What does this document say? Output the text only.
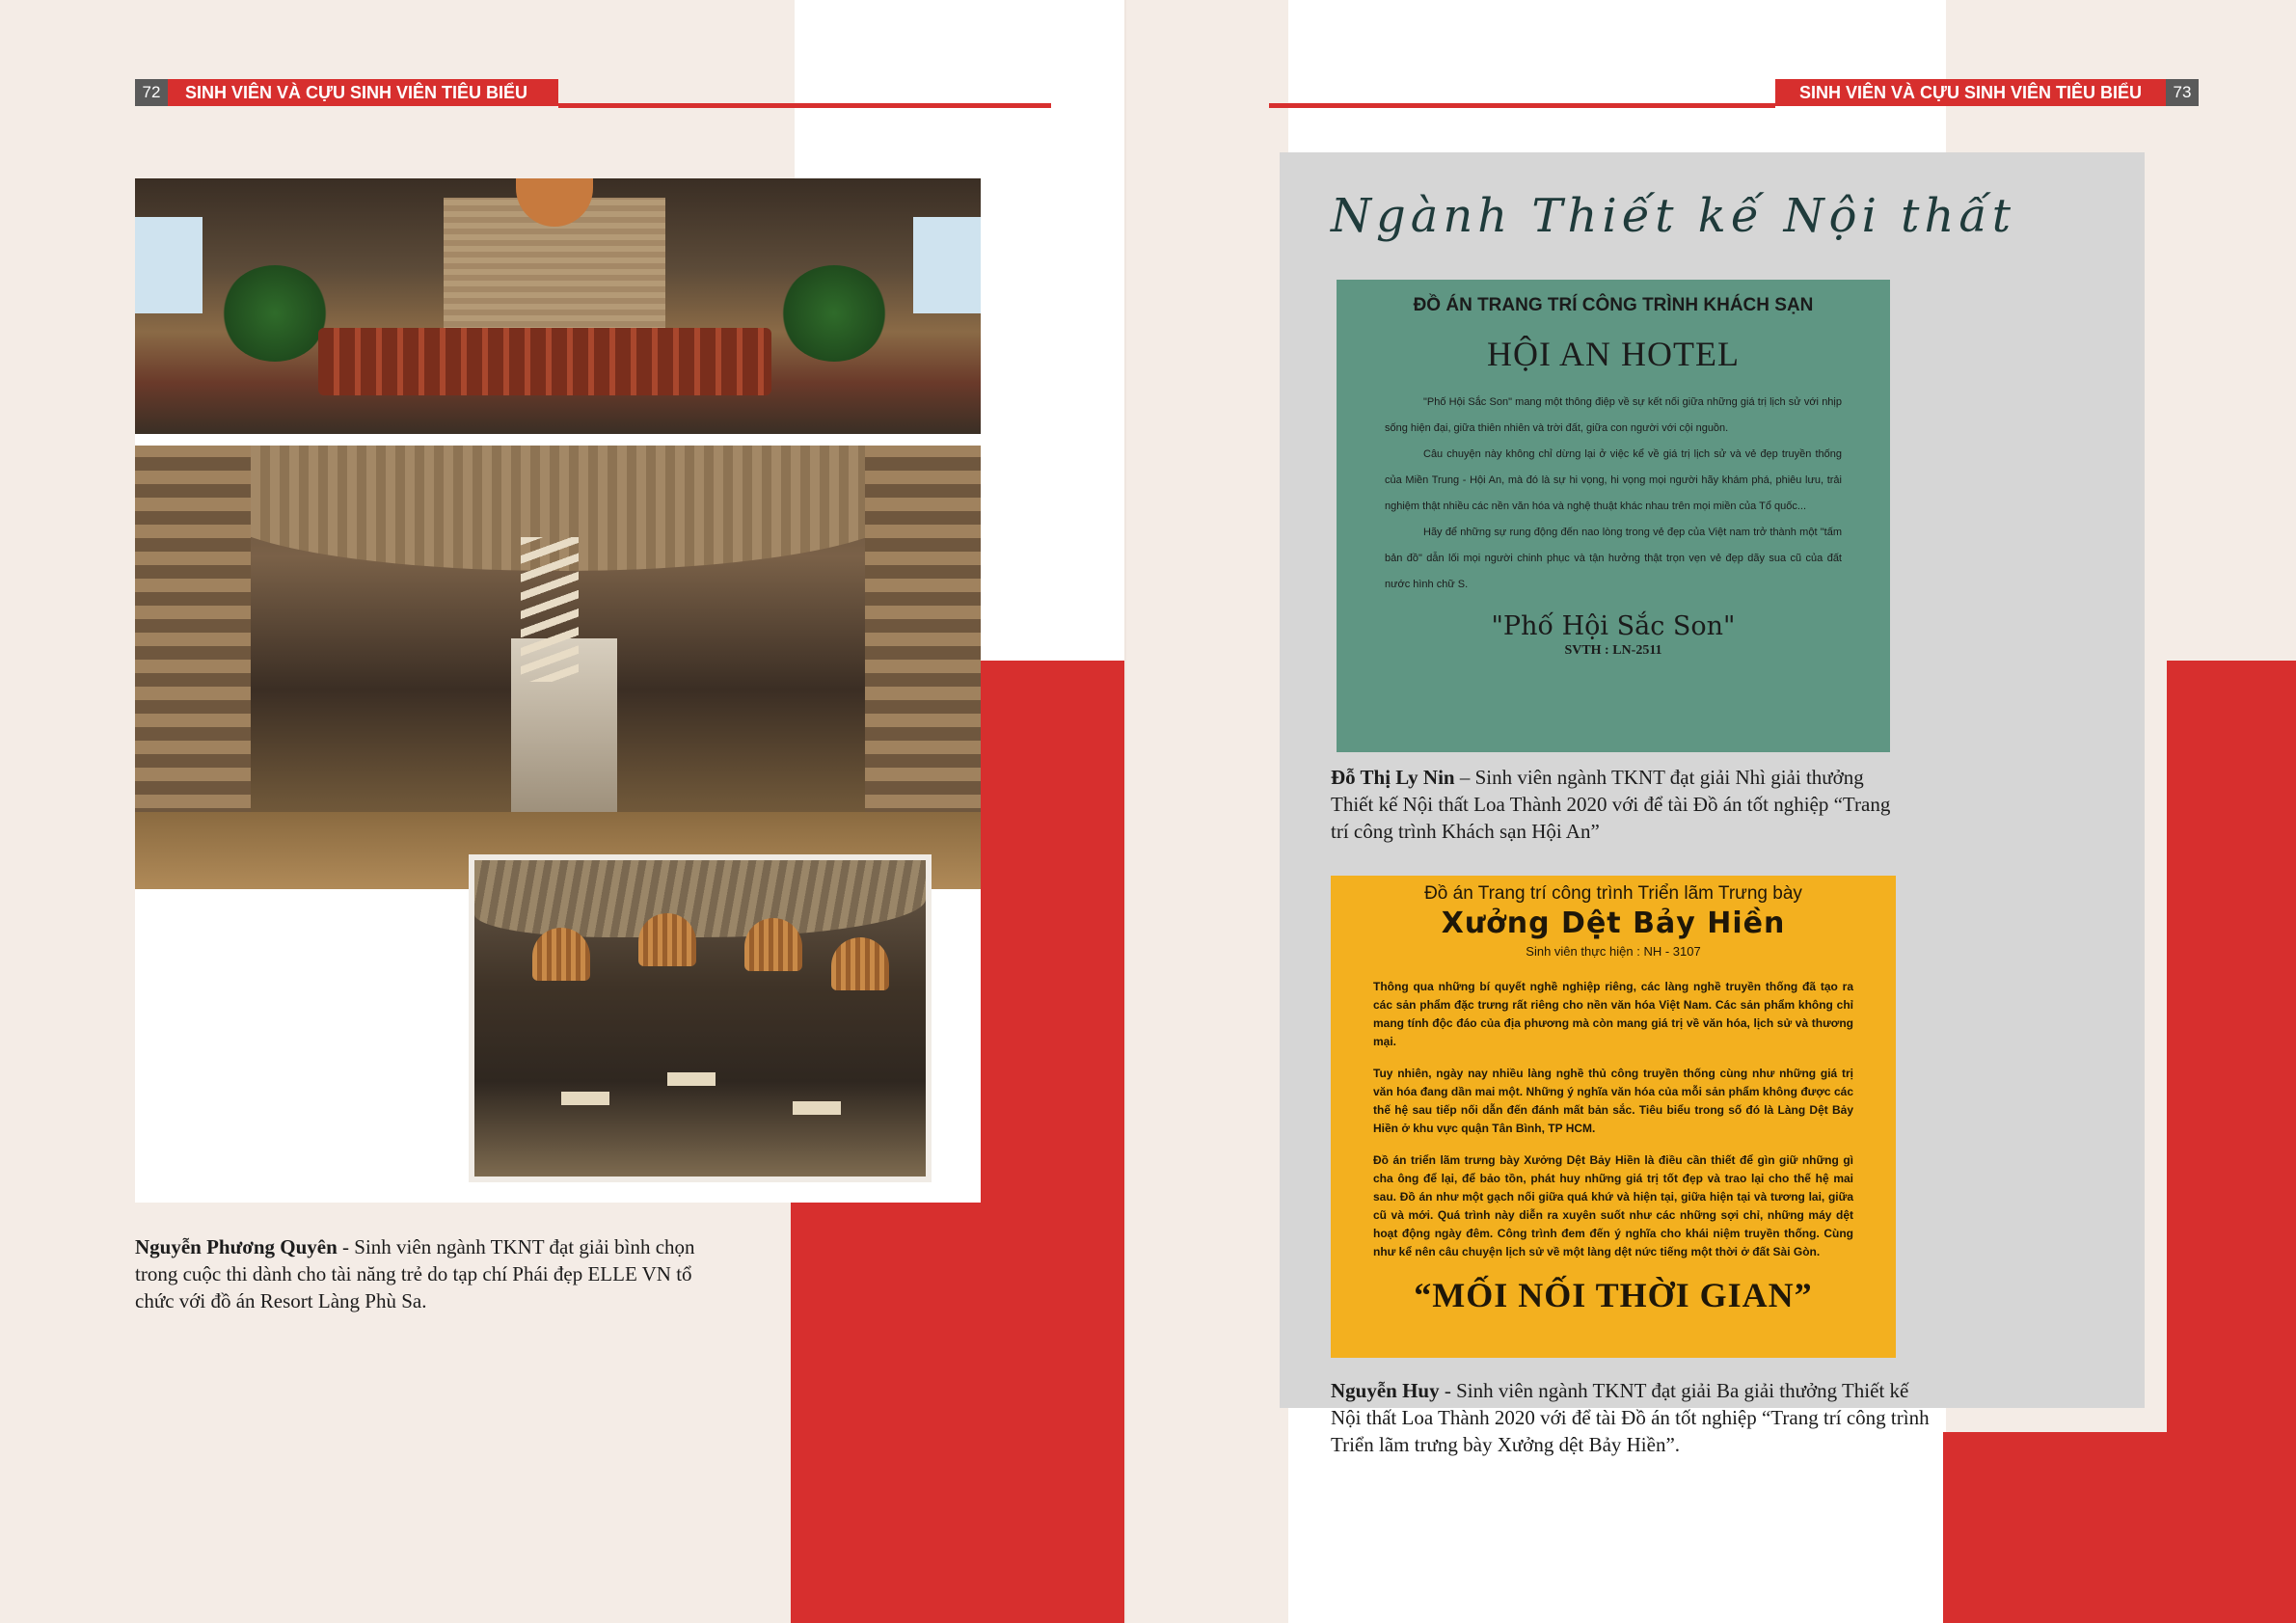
72	SINH VIÊN VÀ CỰU SINH VIÊN TIÊU BIỂU
Nguyễn Phương Quyên - Sinh viên ngành TKNT đạt giải bình chọn trong cuộc thi dành cho tài năng trẻ do tạp chí Phái đẹp ELLE VN tổ chức với đồ án Resort Làng Phù Sa.
SINH VIÊN VÀ CỰU SINH VIÊN TIÊU BIỂU	73
Ngành Thiết kế Nội thất
ĐỒ ÁN TRANG TRÍ CÔNG TRÌNH KHÁCH SẠN
HỘI AN HOTEL

"Phố Hội Sắc Son" mang một thông điệp về sự kết nối giữa những giá trị lịch sử với nhịp sống hiện đại, giữa thiên nhiên và trời đất, giữa con người với cội nguồn.

Câu chuyện này không chỉ dừng lại ở việc kể về giá trị lịch sử và vẻ đẹp truyền thống của Miền Trung - Hội An, mà đó là sự hi vọng, hi vọng mọi người hãy khám phá, phiêu lưu, trải nghiệm thật nhiều các nền văn hóa và nghệ thuật khác nhau trên mọi miền của Tổ quốc...

Hãy để những sự rung động đến nao lòng trong vẻ đẹp của Việt nam trở thành một "tấm bản đồ" dẫn lối mọi người chinh phục và tận hưởng thật trọn vẹn vẻ đẹp dãy sua cũ của đất nước hình chữ S.

"Phố Hội Sắc Son"
SVTH : LN-2511
Đỗ Thị Ly Nin – Sinh viên ngành TKNT đạt giải Nhì giải thưởng Thiết kế Nội thất Loa Thành 2020 với để tài Đồ án tốt nghiệp “Trang trí công trình Khách sạn Hội An”
Đồ án Trang trí công trình Triển lãm Trưng bày
Xưởng Dệt Bảy Hiền
Sinh viên thực hiện : NH - 3107

Thông qua những bí quyết nghề nghiệp riêng, các làng nghề truyền thống đã tạo ra các sản phẩm đặc trưng rất riêng cho nền văn hóa Việt Nam. Các sản phẩm không chỉ mang tính độc đáo của địa phương mà còn mang giá trị về văn hóa, lịch sử và thương mại.

Tuy nhiên, ngày nay nhiều làng nghề thủ công truyền thống cùng như những giá trị văn hóa đang dần mai một. Những ý nghĩa văn hóa của mỗi sản phẩm không được các thế hệ sau tiếp nối dẫn đến đánh mất bản sắc. Tiêu biểu trong số đó là Làng Dệt Bảy Hiền ở khu vực quận Tân Bình, TP HCM.

Đồ án triển lãm trưng bày Xưởng Dệt Bảy Hiền là điều cần thiết để gìn giữ những gì cha ông để lại, để bảo tồn, phát huy những giá trị tốt đẹp và trao lại cho thế hệ mai sau. Đồ án như một gạch nối giữa quá khứ và hiện tại, giữa hiện tại và tương lai, giữa cũ và mới. Quá trình này diễn ra xuyên suốt như các những sợi chỉ, những máy dệt hoạt động ngày đêm. Công trình đem đến ý nghĩa cho khái niệm truyền thống. Cùng như kể nên câu chuyện lịch sử về một làng dệt nức tiếng một thời ở đất Sài Gòn.

“MỐI NỐI THỜI GIAN”
Nguyễn Huy - Sinh viên ngành TKNT đạt giải Ba giải thưởng Thiết kế Nội thất Loa Thành 2020 với để tài Đồ án tốt nghiệp “Trang trí công trình Triển lãm trưng bày Xưởng dệt Bảy Hiền”.
